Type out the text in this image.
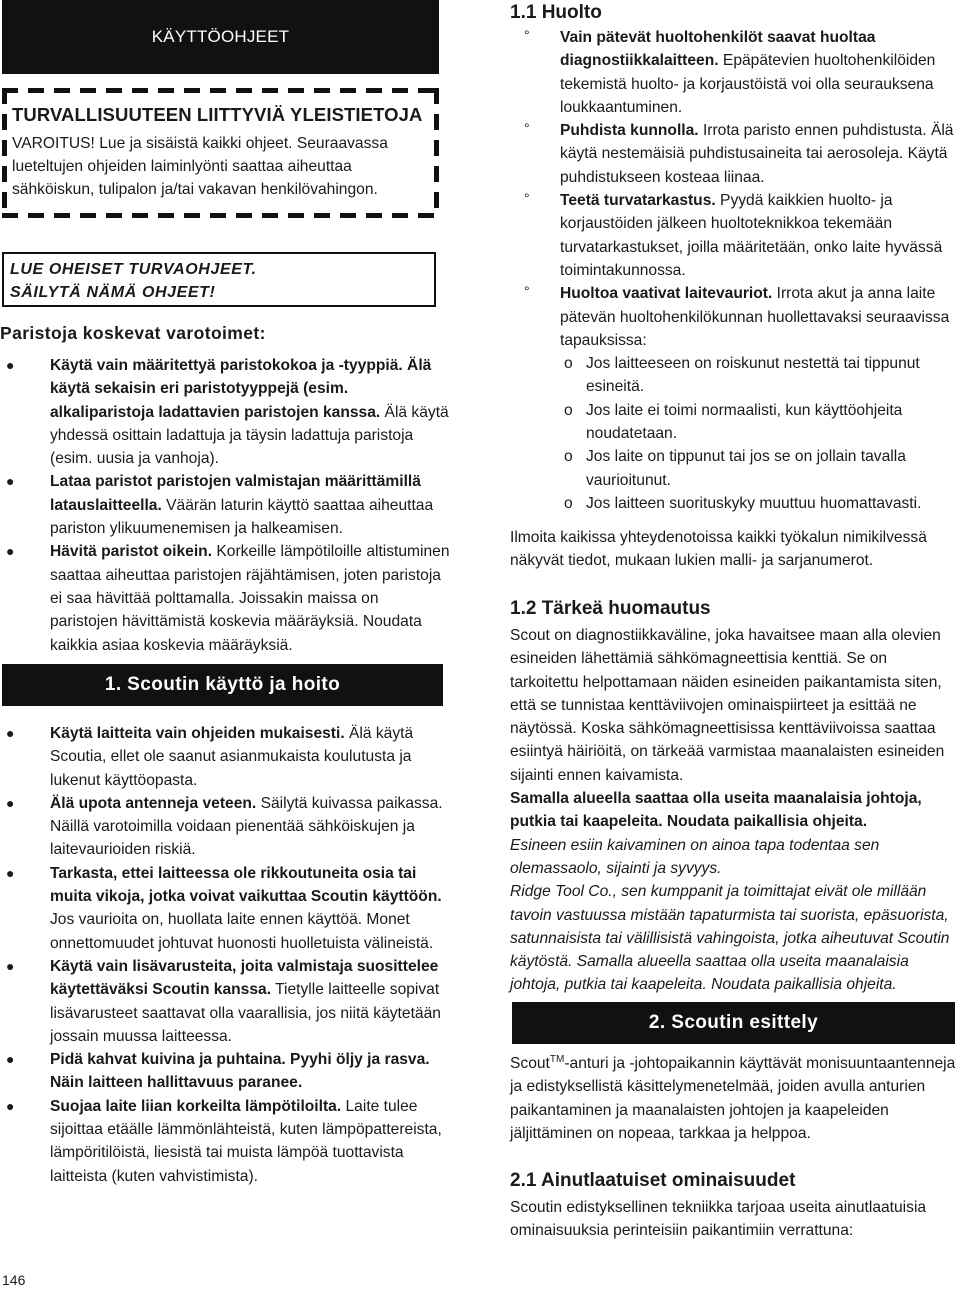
KÄYTTÖOHJEET
TURVALLISUUTEEN LIITTYVIÄ YLEISTIETOJA
VAROITUS! Lue ja sisäistä kaikki ohjeet. Seuraavassa lueteltujen ohjeiden laiminlyönti saattaa aiheuttaa sähköiskun, tulipalon ja/tai vakavan henkilövahingon.
LUE OHEISET TURVAOHJEET.
SÄILYTÄ NÄMÄ OHJEET!
Paristoja koskevat varotoimet:
● Käytä vain määritettyä paristokokoa ja -tyyppiä. Älä käytä sekaisin eri paristotyyppejä (esim. alkaliparistoja ladattavien paristojen kanssa. Älä käytä yhdessä osittain ladattuja ja täysin ladattuja paristoja (esim. uusia ja vanhoja).
● Lataa paristot paristojen valmistajan määrittämillä latauslaitteella. Väärän laturin käyttö saattaa aiheuttaa pariston ylikuumenemisen ja halkeamisen.
● Hävitä paristot oikein. Korkeille lämpötiloille altistuminen saattaa aiheuttaa paristojen räjähtämisen, joten paristoja ei saa hävittää polttamalla. Joissakin maissa on paristojen hävittämistä koskevia määräyksiä. Noudata kaikkia asiaa koskevia määräyksiä.
1. Scoutin käyttö ja hoito
● Käytä laitteita vain ohjeiden mukaisesti. Älä käytä Scoutia, ellet ole saanut asianmukaista koulutusta ja lukenut käyttöopasta.
● Älä upota antenneja veteen. Säilytä kuivassa paikassa. Näillä varotoimilla voidaan pienentää sähköiskujen ja laitevaurioiden riskiä.
● Tarkasta, ettei laitteessa ole rikkoutuneita osia tai muita vikoja, jotka voivat vaikuttaa Scoutin käyttöön. Jos vaurioita on, huollata laite ennen käyttöä. Monet onnettomuudet johtuvat huonosti huolletuista välineistä.
● Käytä vain lisävarusteita, joita valmistaja suosittelee käytettäväksi Scoutin kanssa. Tietylle laitteelle sopivat lisävarusteet saattavat olla vaarallisia, jos niitä käytetään jossain muussa laitteessa.
● Pidä kahvat kuivina ja puhtaina. Pyyhi öljy ja rasva. Näin laitteen hallittavuus paranee.
● Suojaa laite liian korkeilta lämpötiloilta. Laite tulee sijoittaa etäälle lämmönlähteistä, kuten lämpöpattereista, lämpöritilöistä, liesistä tai muista lämpöä tuottavista laitteista (kuten vahvistimista).
146
1.1 Huolto
° Vain pätevät huoltohenkilöt saavat huoltaa diagnostiikkalaitteen. Epäpätevien huoltohenkilöiden tekemistä huolto- ja korjaustöistä voi olla seurauksena loukkaantuminen.
° Puhdista kunnolla. Irrota paristo ennen puhdistusta. Älä käytä nestemäisiä puhdistusaineita tai aerosoleja. Käytä puhdistukseen kosteaa liinaa.
° Teetä turvatarkastus. Pyydä kaikkien huolto- ja korjaustöiden jälkeen huoltoteknikkoa tekemään turvatarkastukset, joilla määritetään, onko laite hyvässä toimintakunnossa.
° Huoltoa vaativat laitevauriot. Irrota akut ja anna laite pätevän huoltohenkilökunnan huollettavaksi seuraavissa tapauksissa:
o Jos laitteeseen on roiskunut nestettä tai tippunut esineitä.
o Jos laite ei toimi normaalisti, kun käyttöohjeita noudatetaan.
o Jos laite on tippunut tai jos se on jollain tavalla vaurioitunut.
o Jos laitteen suorituskyky muuttuu huomattavasti.
Ilmoita kaikissa yhteydenotoissa kaikki työkalun nimikilvessä näkyvät tiedot, mukaan lukien malli- ja sarjanumerot.
1.2 Tärkeä huomautus
Scout on diagnostiikkaväline, joka havaitsee maan alla olevien esineiden lähettämiä sähkömagneettisia kenttiä. Se on tarkoitettu helpottamaan näiden esineiden paikantamista siten, että se tunnistaa kenttäviivojen ominaispiirteet ja esittää ne näytössä. Koska sähkömagneettisissa kenttäviivoissa saattaa esiintyä häiriöitä, on tärkeää varmistaa maanalaisten esineiden sijainti ennen kaivamista.
Samalla alueella saattaa olla useita maanalaisia johtoja, putkia tai kaapeleita. Noudata paikallisia ohjeita.
Esineen esiin kaivaminen on ainoa tapa todentaa sen olemassaolo, sijainti ja syvyys.
Ridge Tool Co., sen kumppanit ja toimittajat eivät ole millään tavoin vastuussa mistään tapaturmista tai suorista, epäsuorista, satunnaisista tai välillisistä vahingoista, jotka aiheutuvat Scoutin käytöstä. Samalla alueella saattaa olla useita maanalaisia johtoja, putkia tai kaapeleita. Noudata paikallisia ohjeita.
2. Scoutin esittely
Scout™-anturi ja -johtopaikannin käyttävät monisuuntaantenneja ja edistyksellistä käsittelymenetelmää, joiden avulla anturien paikantaminen ja maanalaisten johtojen ja kaapeleiden jäljittäminen on nopeaa, tarkkaa ja helppoa.
2.1 Ainutlaatuiset ominaisuudet
Scoutin edistyksellinen tekniikka tarjoaa useita ainutlaatuisia ominaisuuksia perinteisiin paikantimiin verrattuna:
